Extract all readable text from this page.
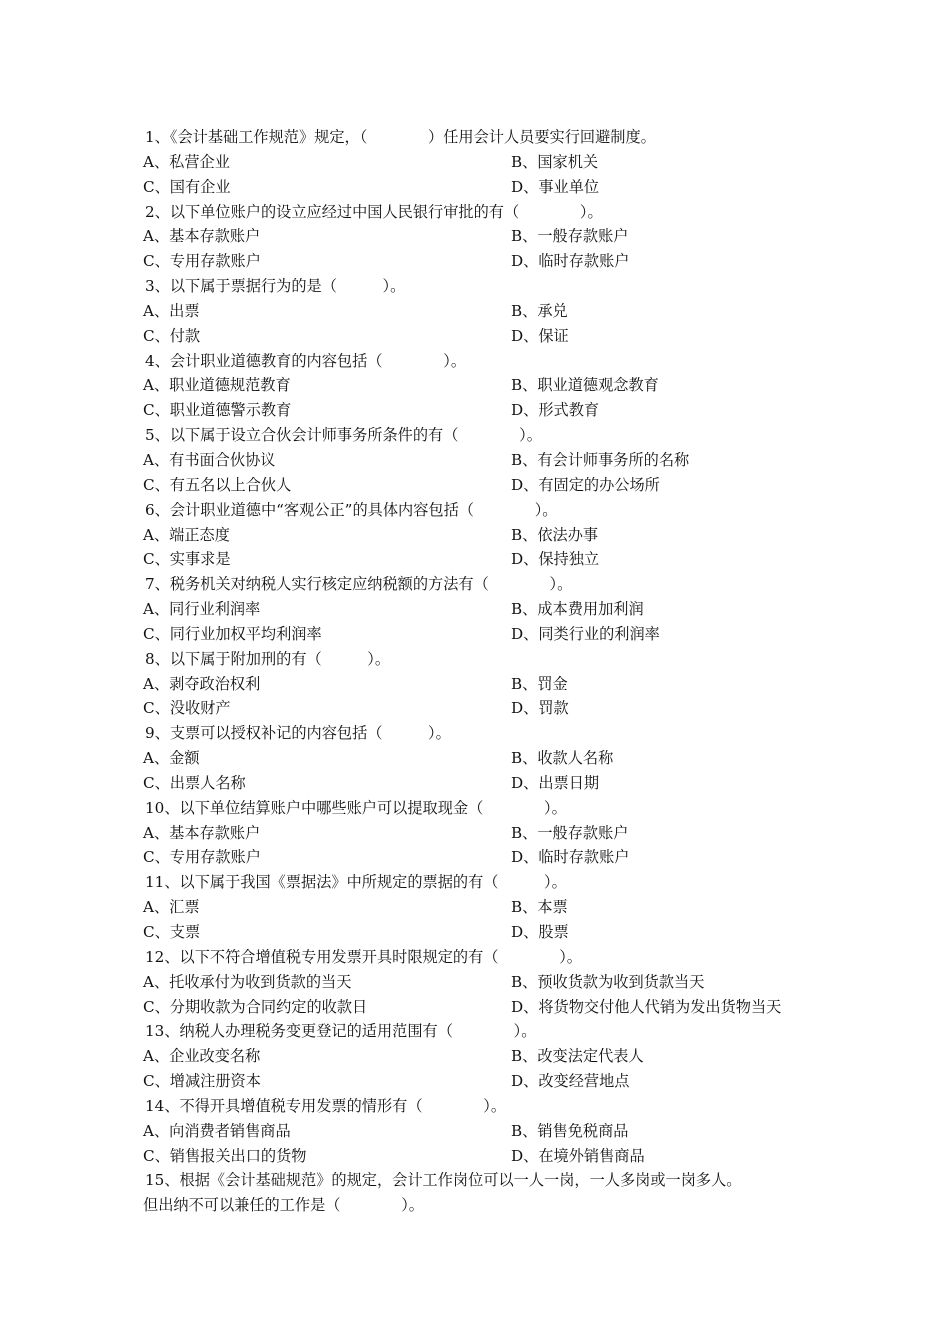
1、《会计基础工作规范》规定，（　　　　）任用会计人员要实行回避制度。
A、私营企业	B、国家机关
C、国有企业	D、事业单位
2、以下单位账户的设立应经过中国人民银行审批的有（　　　　）。
A、基本存款账户	B、一般存款账户
C、专用存款账户	D、临时存款账户
3、以下属于票据行为的是（　　　）。
A、出票	B、承兑
C、付款	D、保证
4、会计职业道德教育的内容包括（　　　　）。
A、职业道德规范教育	B、职业道德观念教育
C、职业道德警示教育	D、形式教育
5、以下属于设立合伙会计师事务所条件的有（　　　　）。
A、有书面合伙协议	B、有会计师事务所的名称
C、有五名以上合伙人	D、有固定的办公场所
6、会计职业道德中“客观公正”的具体内容包括（　　　　）。
A、端正态度	B、依法办事
C、实事求是	D、保持独立
7、税务机关对纳税人实行核定应纳税额的方法有（　　　　）。
A、同行业利润率	B、成本费用加利润
C、同行业加权平均利润率	D、同类行业的利润率
8、以下属于附加刑的有（　　　）。
A、剥夺政治权利	B、罚金
C、没收财产	D、罚款
9、支票可以授权补记的内容包括（　　　）。
A、金额	B、收款人名称
C、出票人名称	D、出票日期
10、以下单位结算账户中哪些账户可以提取现金（　　　　）。
A、基本存款账户	B、一般存款账户
C、专用存款账户	D、临时存款账户
11、以下属于我国《票据法》中所规定的票据的有（　　　）。
A、汇票	B、本票
C、支票	D、股票
12、以下不符合增值税专用发票开具时限规定的有（　　　　）。
A、托收承付为收到货款的当天	B、预收货款为收到货款当天
C、分期收款为合同约定的收款日	D、将货物交付他人代销为发出货物当天
13、纳税人办理税务变更登记的适用范围有（　　　　）。
A、企业改变名称	B、改变法定代表人
C、增减注册资本	D、改变经营地点
14、不得开具增值税专用发票的情形有（　　　　）。
A、向消费者销售商品	B、销售免税商品
C、销售报关出口的货物	D、在境外销售商品
15、根据《会计基础规范》的规定，会计工作岗位可以一人一岗，一人多岗或一岗多人。
但出纳不可以兼任的工作是（　　　　）。
